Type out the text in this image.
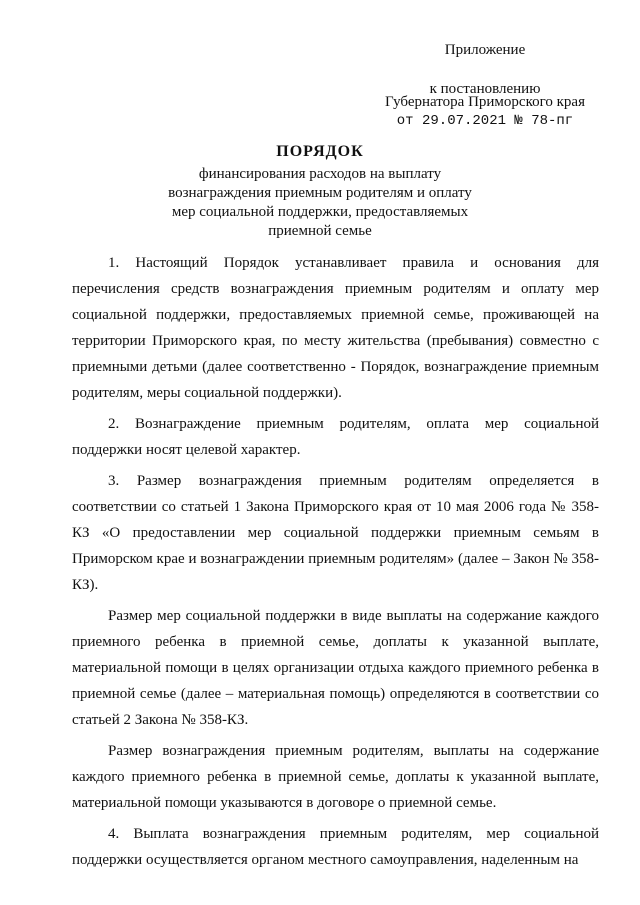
Приложение
к постановлению
Губернатора Приморского края
от 29.07.2021 № 78-пг
ПОРЯДОК
финансирования расходов на выплату
вознаграждения приемным родителям и оплату
мер социальной поддержки, предоставляемых
приемной семье

1. Настоящий Порядок устанавливает правила и основания для перечисления средств вознаграждения приемным родителям и оплату мер социальной поддержки, предоставляемых приемной семье, проживающей на территории Приморского края, по месту жительства (пребывания) совместно с приемными детьми (далее соответственно - Порядок, вознаграждение приемным родителям, меры социальной поддержки).

2. Вознаграждение приемным родителям, оплата мер социальной поддержки носят целевой характер.

3. Размер вознаграждения приемным родителям определяется в соответствии со статьей 1 Закона Приморского края от 10 мая 2006 года № 358-КЗ «О предоставлении мер социальной поддержки приемным семьям в Приморском крае и вознаграждении приемным родителям» (далее – Закон № 358-КЗ).

Размер мер социальной поддержки в виде выплаты на содержание каждого приемного ребенка в приемной семье, доплаты к указанной выплате, материальной помощи в целях организации отдыха каждого приемного ребенка в приемной семье (далее – материальная помощь) определяются в соответствии со статьей 2 Закона № 358-КЗ.

Размер вознаграждения приемным родителям, выплаты на содержание каждого приемного ребенка в приемной семье, доплаты к указанной выплате, материальной помощи указываются в договоре о приемной семье.

4. Выплата вознаграждения приемным родителям, мер социальной поддержки осуществляется органом местного самоуправления, наделенным на
